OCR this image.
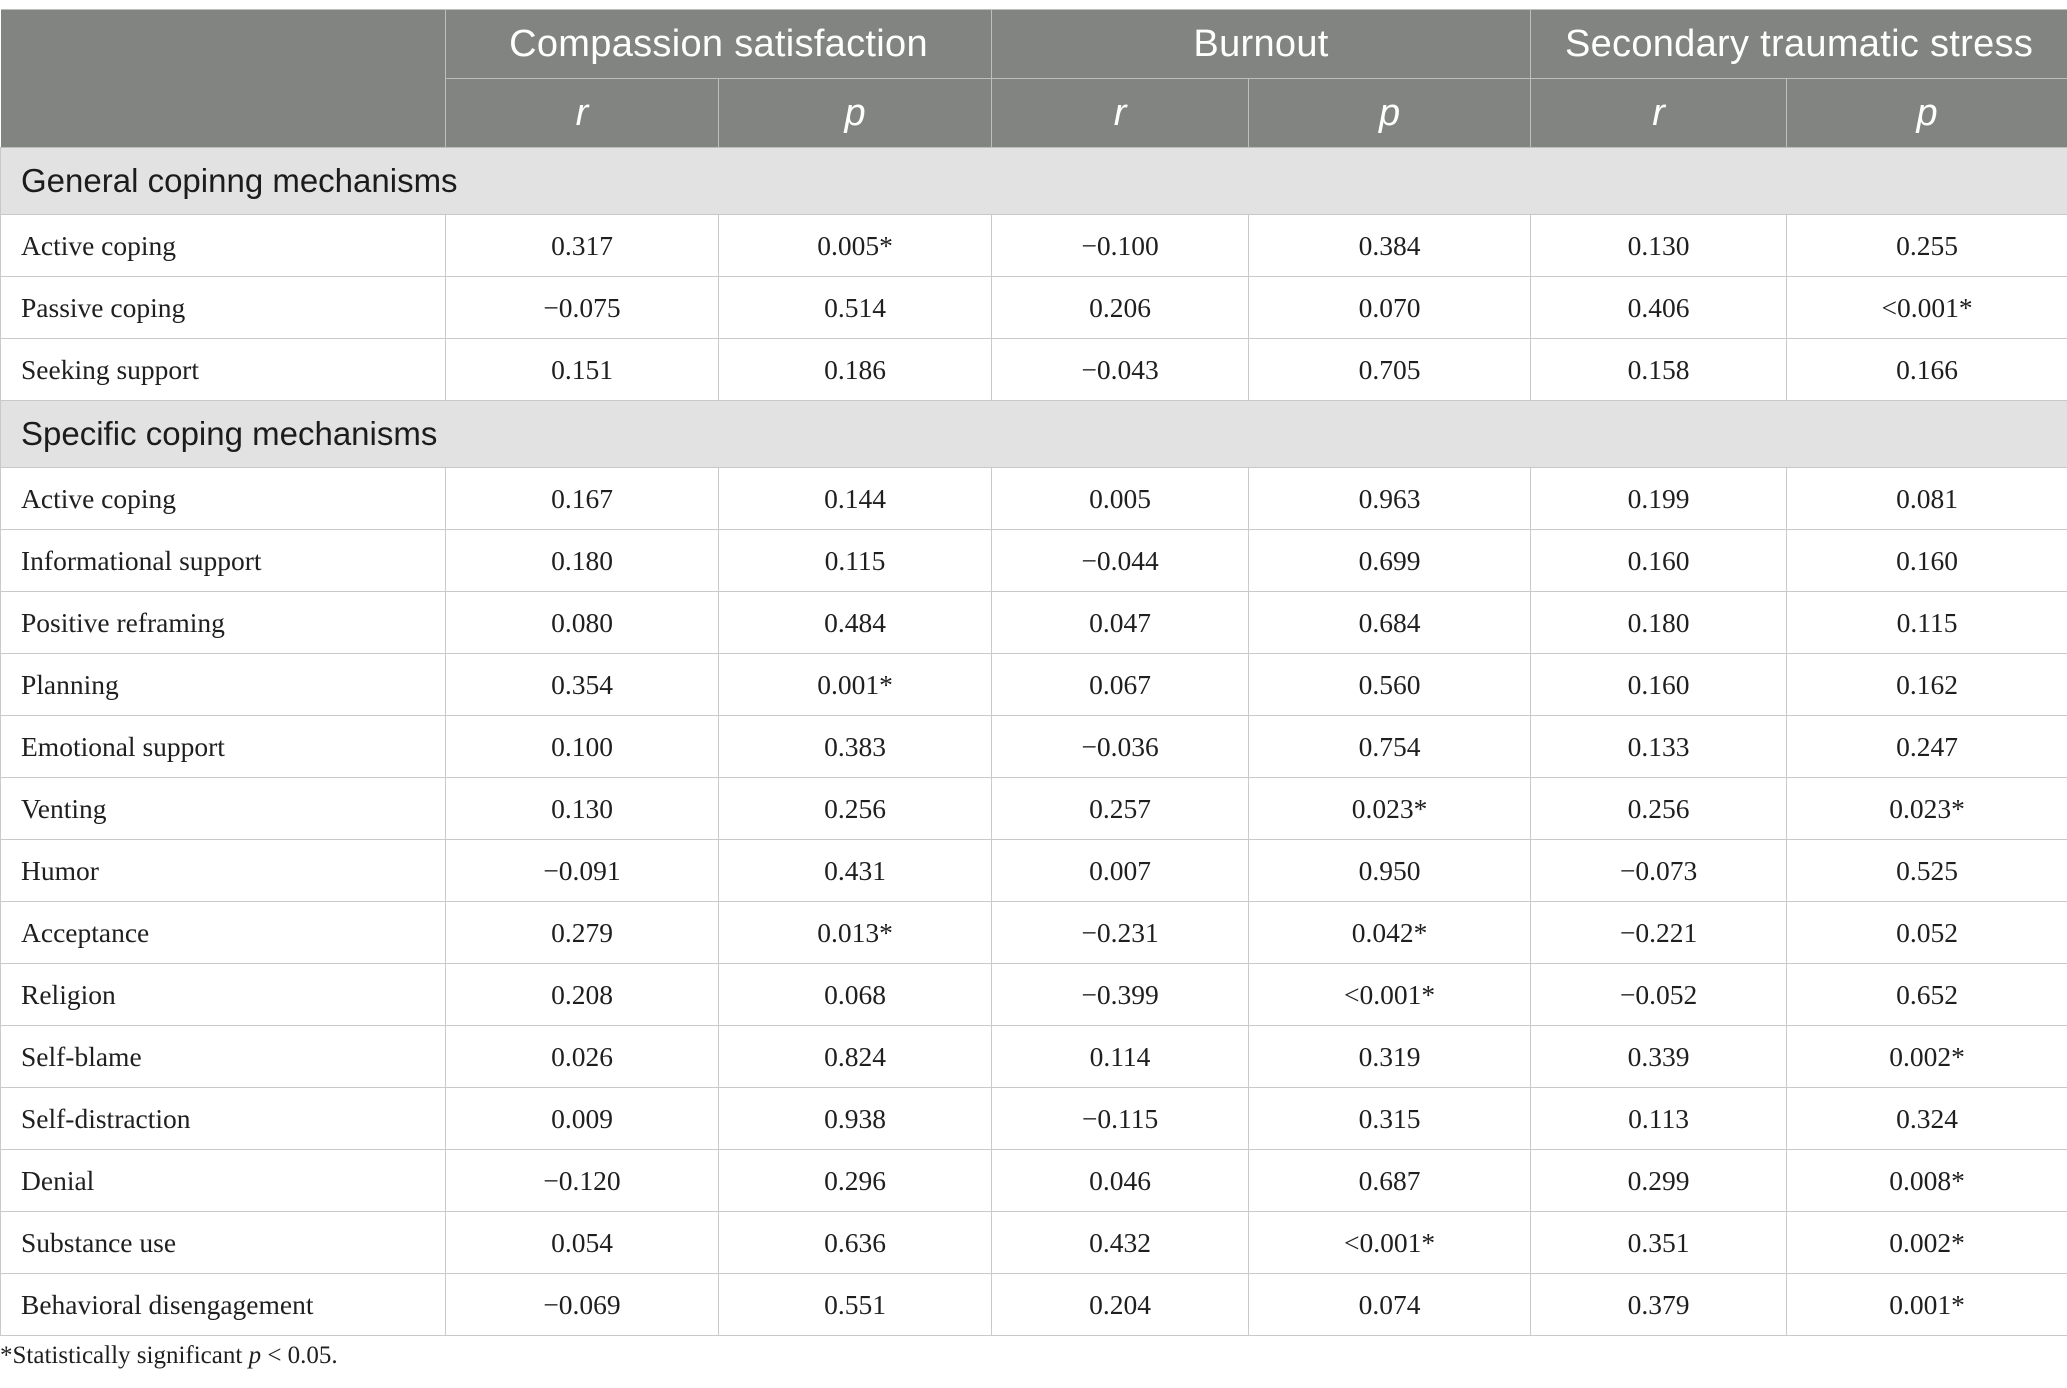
	Compassion satisfaction		Burnout		Secondary traumatic stress	
	r	p	r	p	r	p
General copinng mechanisms						
Active coping	0.317	0.005*	−0.100	0.384	0.130	0.255
Passive coping	−0.075	0.514	0.206	0.070	0.406	<0.001*
Seeking support	0.151	0.186	−0.043	0.705	0.158	0.166
Specific coping mechanisms						
Active coping	0.167	0.144	0.005	0.963	0.199	0.081
Informational support	0.180	0.115	−0.044	0.699	0.160	0.160
Positive reframing	0.080	0.484	0.047	0.684	0.180	0.115
Planning	0.354	0.001*	0.067	0.560	0.160	0.162
Emotional support	0.100	0.383	−0.036	0.754	0.133	0.247
Venting	0.130	0.256	0.257	0.023*	0.256	0.023*
Humor	−0.091	0.431	0.007	0.950	−0.073	0.525
Acceptance	0.279	0.013*	−0.231	0.042*	−0.221	0.052
Religion	0.208	0.068	−0.399	<0.001*	−0.052	0.652
Self-blame	0.026	0.824	0.114	0.319	0.339	0.002*
Self-distraction	0.009	0.938	−0.115	0.315	0.113	0.324
Denial	−0.120	0.296	0.046	0.687	0.299	0.008*
Substance use	0.054	0.636	0.432	<0.001*	0.351	0.002*
Behavioral disengagement	−0.069	0.551	0.204	0.074	0.379	0.001*
*Statistically significant p < 0.05.
